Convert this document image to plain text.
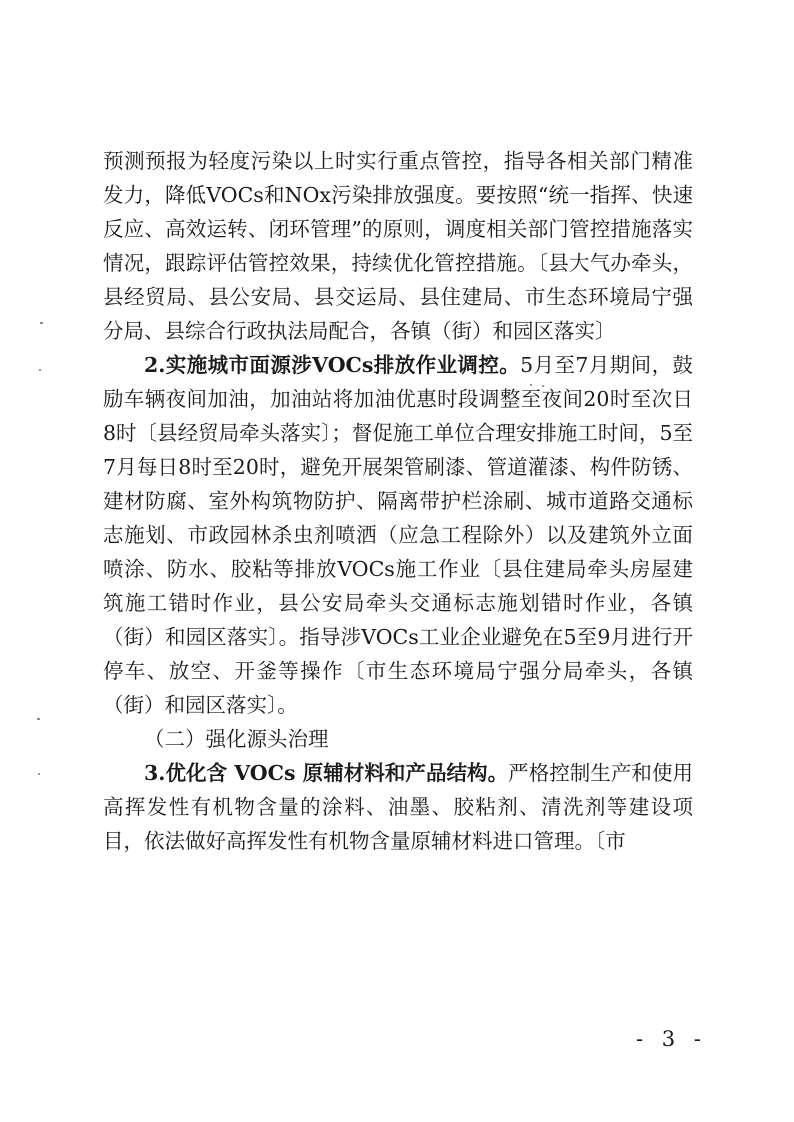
预测预报为轻度污染以上时实行重点管控，指导各相关部门精准发力，降低VOCs和NOx污染排放强度。要按照“统一指挥、快速反应、高效运转、闭环管理”的原则，调度相关部门管控措施落实情况，跟踪评估管控效果，持续优化管控措施。〔县大气办牵头，县经贸局、县公安局、县交运局、县住建局、市生态环境局宁强分局、县综合行政执法局配合，各镇（街）和园区落实〕

2.实施城市面源涉VOCs排放作业调控。5月至7月期间，鼓励车辆夜间加油，加油站将加油优惠时段调整至夜间20时至次日8时〔县经贸局牵头落实〕；督促施工单位合理安排施工时间，5至7月每日8时至20时，避免开展架管刷漆、管道灌漆、构件防锈、建材防腐、室外构筑物防护、隔离带护栏涂刷、城市道路交通标志施划、市政园林杀虫剂喷洒（应急工程除外）以及建筑外立面喷涂、防水、胶粘等排放VOCs施工作业〔县住建局牵头房屋建筑施工错时作业，县公安局牵头交通标志施划错时作业，各镇（街）和园区落实〕。指导涉VOCs工业企业避免在5至9月进行开停车、放空、开釜等操作〔市生态环境局宁强分局牵头，各镇（街）和园区落实〕。

（二）强化源头治理

3.优化含 VOCs 原辅材料和产品结构。严格控制生产和使用高挥发性有机物含量的涂料、油墨、胶粘剂、清洗剂等建设项目，依法做好高挥发性有机物含量原辅材料进口管理。〔市

- 3 -
